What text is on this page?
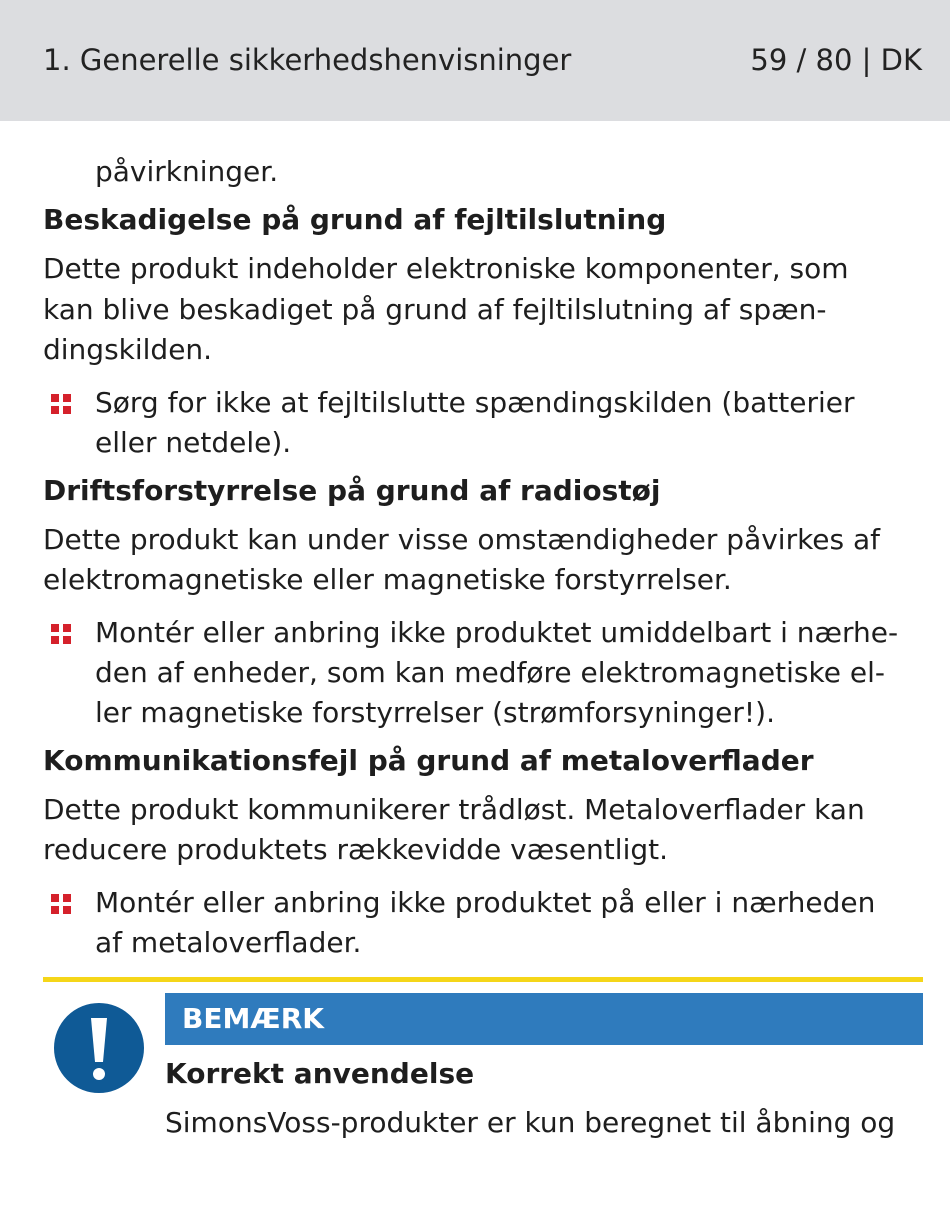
1. Generelle sikkerhedshenvisninger	59 / 80 | DK
påvirkninger.
Beskadigelse på grund af fejltilslutning
Dette produkt indeholder elektroniske komponenter, som
kan blive beskadiget på grund af fejltilslutning af spæn-
dingskilden.
Sørg for ikke at fejltilslutte spændingskilden (batterier
eller netdele).
Driftsforstyrrelse på grund af radiostøj
Dette produkt kan under visse omstændigheder påvirkes af
elektromagnetiske eller magnetiske forstyrrelser.
Montér eller anbring ikke produktet umiddelbart i nærhe-
den af enheder, som kan medføre elektromagnetiske el-
ler magnetiske forstyrrelser (strømforsyninger!).
Kommunikationsfejl på grund af metaloverflader
Dette produkt kommunikerer trådløst. Metaloverflader kan
reducere produktets rækkevidde væsentligt.
Montér eller anbring ikke produktet på eller i nærheden
af metaloverflader.
BEMÆRK
Korrekt anvendelse
SimonsVoss-produkter er kun beregnet til åbning og
